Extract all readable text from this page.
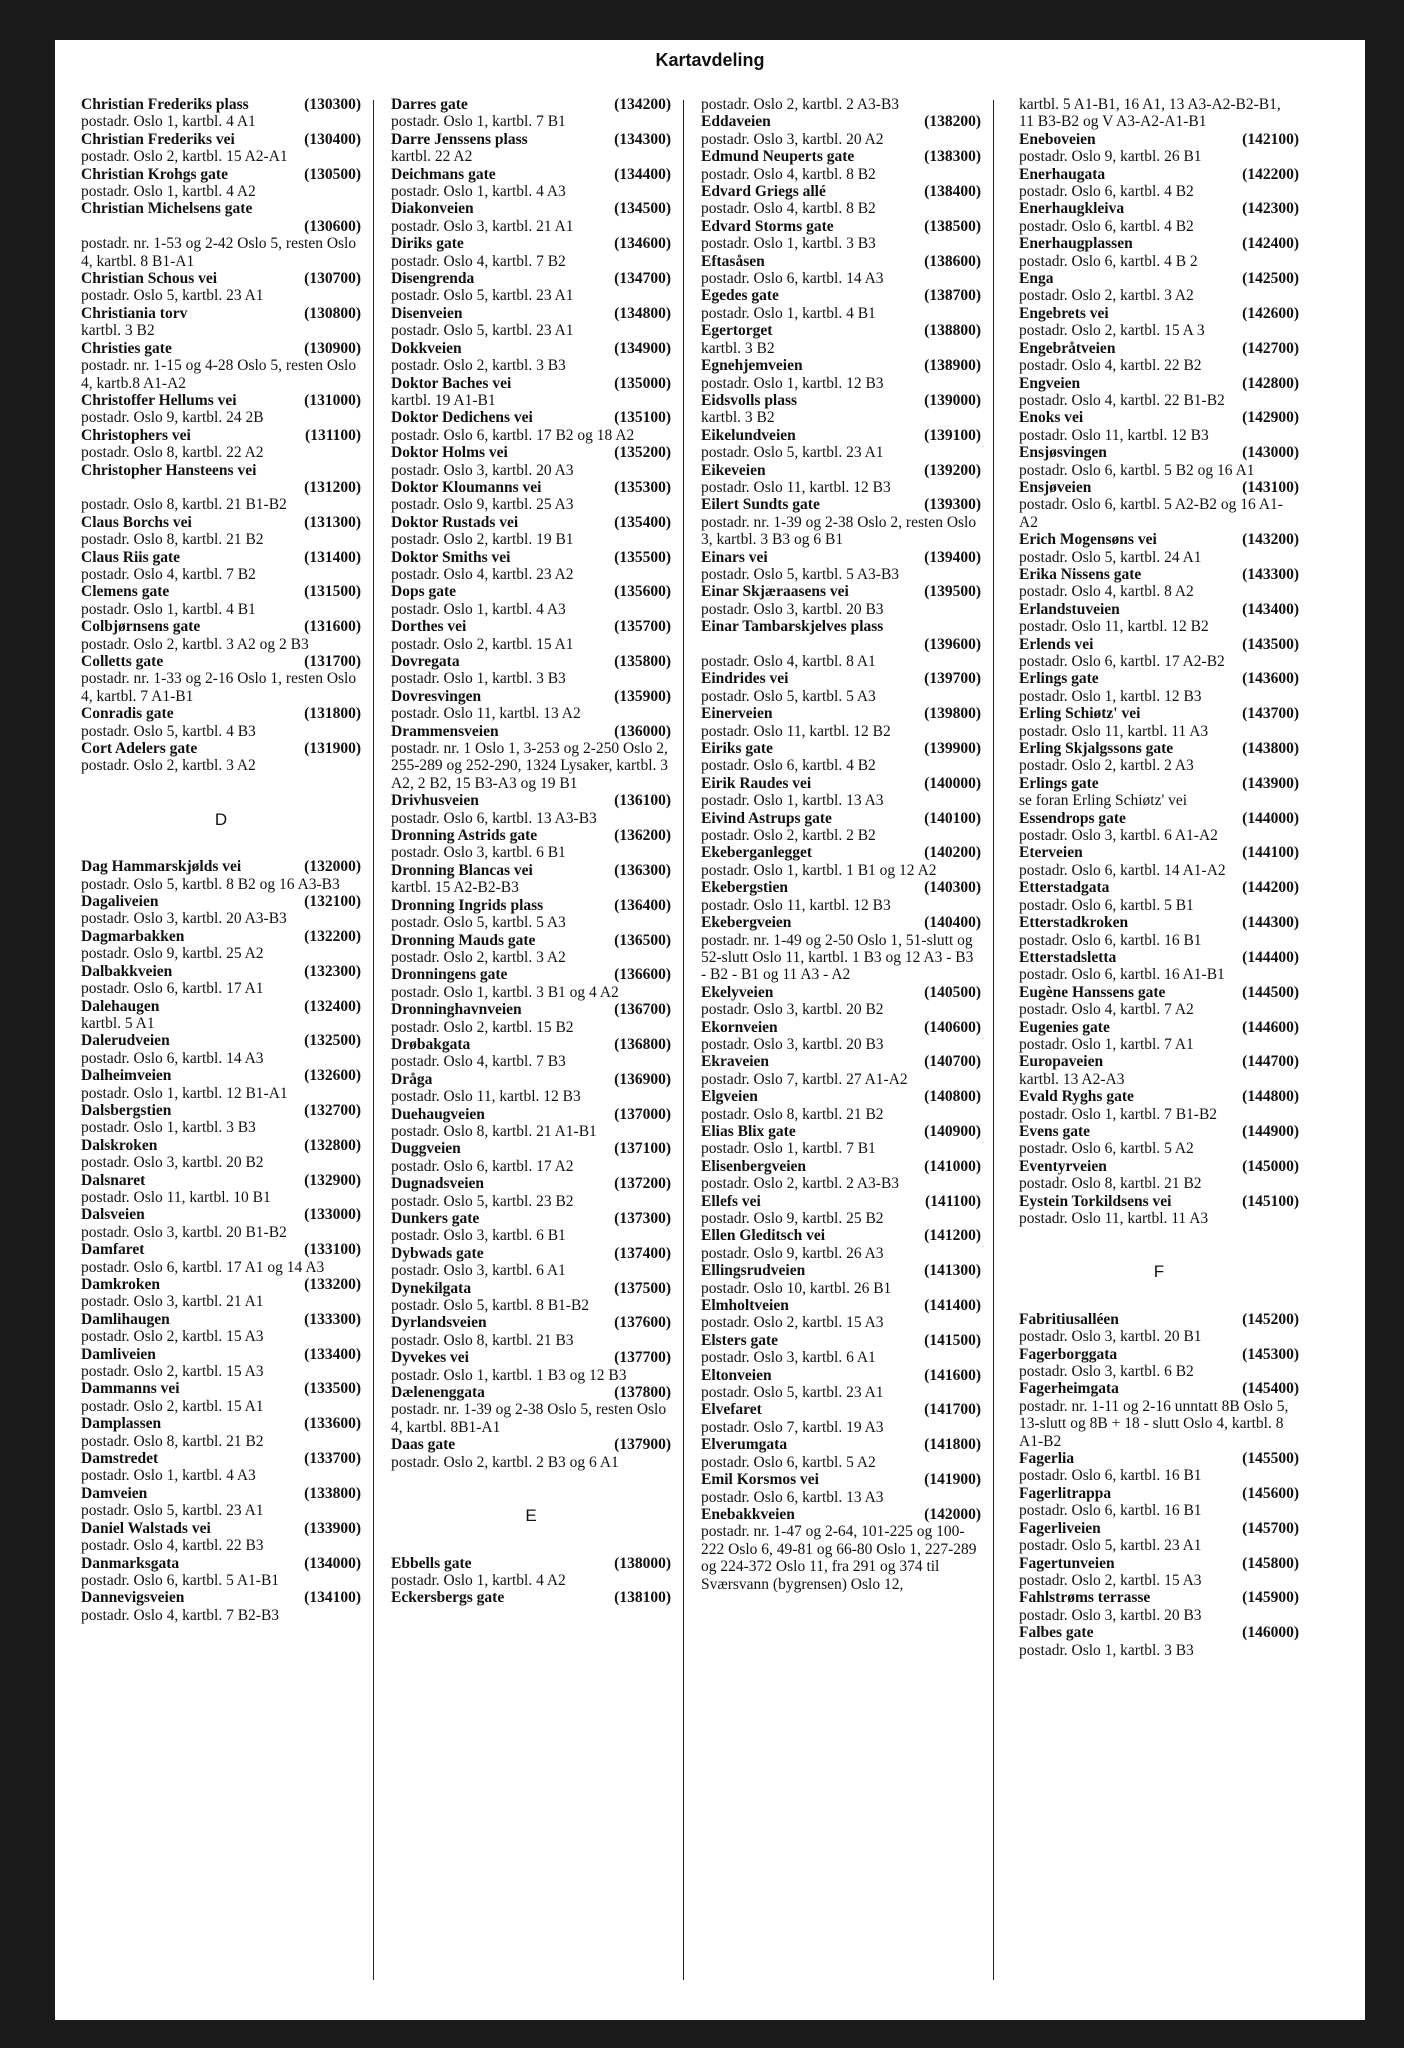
Kartavdeling
Christian Frederiks plass	(130300)
postadr. Oslo 1, kartbl. 4 A1
Christian Frederiks vei	(130400)
postadr. Oslo 2, kartbl. 15 A2-A1
Christian Krohgs gate	(130500)
postadr. Oslo 1, kartbl. 4 A2
Christian Michelsens gate
(130600)
postadr. nr. 1-53 og 2-42 Oslo 5, resten Oslo 4, kartbl. 8 B1-A1
Christian Schous vei	(130700)
postadr. Oslo 5, kartbl. 23 A1
Christiania torv	(130800)
kartbl. 3 B2
Christies gate	(130900)
postadr. nr. 1-15 og 4-28 Oslo 5, resten Oslo 4, kartb.8 A1-A2
Christoffer Hellums vei	(131000)
postadr. Oslo 9, kartbl. 24 2B
Christophers vei	(131100)
postadr. Oslo 8, kartbl. 22 A2
Christopher Hansteens vei
(131200)
postadr. Oslo 8, kartbl. 21 B1-B2
Claus Borchs vei	(131300)
postadr. Oslo 8, kartbl. 21 B2
Claus Riis gate	(131400)
postadr. Oslo 4, kartbl. 7 B2
Clemens gate	(131500)
postadr. Oslo 1, kartbl. 4 B1
Colbjørnsens gate	(131600)
postadr. Oslo 2, kartbl. 3 A2 og 2 B3
Colletts gate	(131700)
postadr. nr. 1-33 og 2-16 Oslo 1, resten Oslo 4, kartbl. 7 A1-B1
Conradis gate	(131800)
postadr. Oslo 5, kartbl. 4 B3
Cort Adelers gate	(131900)
postadr. Oslo 2, kartbl. 3 A2
D
Dag Hammarskjølds vei	(132000)
postadr. Oslo 5, kartbl. 8 B2 og 16 A3-B3
Dagaliveien	(132100)
postadr. Oslo 3, kartbl. 20 A3-B3
Dagmarbakken	(132200)
postadr. Oslo 9, kartbl. 25 A2
Dalbakkveien	(132300)
postadr. Oslo 6, kartbl. 17 A1
Dalehaugen	(132400)
kartbl. 5 A1
Dalerudveien	(132500)
postadr. Oslo 6, kartbl. 14 A3
Dalheimveien	(132600)
postadr. Oslo 1, kartbl. 12 B1-A1
Dalsbergstien	(132700)
postadr. Oslo 1, kartbl. 3 B3
Dalskroken	(132800)
postadr. Oslo 3, kartbl. 20 B2
Dalsnaret	(132900)
postadr. Oslo 11, kartbl. 10 B1
Dalsveien	(133000)
postadr. Oslo 3, kartbl. 20 B1-B2
Damfaret	(133100)
postadr. Oslo 6, kartbl. 17 A1 og 14 A3
Damkroken	(133200)
postadr. Oslo 3, kartbl. 21 A1
Damlihaugen	(133300)
postadr. Oslo 2, kartbl. 15 A3
Damliveien	(133400)
postadr. Oslo 2, kartbl. 15 A3
Dammanns vei	(133500)
postadr. Oslo 2, kartbl. 15 A1
Damplassen	(133600)
postadr. Oslo 8, kartbl. 21 B2
Damstredet	(133700)
postadr. Oslo 1, kartbl. 4 A3
Damveien	(133800)
postadr. Oslo 5, kartbl. 23 A1
Daniel Walstads vei	(133900)
postadr. Oslo 4, kartbl. 22 B3
Danmarksgata	(134000)
postadr. Oslo 6, kartbl. 5 A1-B1
Dannevigsveien	(134100)
postadr. Oslo 4, kartbl. 7 B2-B3
Darres gate	(134200)
postadr. Oslo 1, kartbl. 7 B1
Darre Jenssens plass	(134300)
kartbl. 22 A2
Deichmans gate	(134400)
postadr. Oslo 1, kartbl. 4 A3
Diakonveien	(134500)
postadr. Oslo 3, kartbl. 21 A1
Diriks gate	(134600)
postadr. Oslo 4, kartbl. 7 B2
Disengrenda	(134700)
postadr. Oslo 5, kartbl. 23 A1
Disenveien	(134800)
postadr. Oslo 5, kartbl. 23 A1
Dokkveien	(134900)
postadr. Oslo 2, kartbl. 3 B3
Doktor Baches vei	(135000)
kartbl. 19 A1-B1
Doktor Dedichens vei	(135100)
postadr. Oslo 6, kartbl. 17 B2 og 18 A2
Doktor Holms vei	(135200)
postadr. Oslo 3, kartbl. 20 A3
Doktor Kloumanns vei	(135300)
postadr. Oslo 9, kartbl. 25 A3
Doktor Rustads vei	(135400)
postadr. Oslo 2, kartbl. 19 B1
Doktor Smiths vei	(135500)
postadr. Oslo 4, kartbl. 23 A2
Dops gate	(135600)
postadr. Oslo 1, kartbl. 4 A3
Dorthes vei	(135700)
postadr. Oslo 2, kartbl. 15 A1
Dovregata	(135800)
postadr. Oslo 1, kartbl. 3 B3
Dovresvingen	(135900)
postadr. Oslo 11, kartbl. 13 A2
Drammensveien	(136000)
postadr. nr. 1 Oslo 1, 3-253 og 2-250 Oslo 2, 255-289 og 252-290, 1324 Lysaker, kartbl. 3 A2, 2 B2, 15 B3-A3 og 19 B1
Drivhusveien	(136100)
postadr. Oslo 6, kartbl. 13 A3-B3
Dronning Astrids gate	(136200)
postadr. Oslo 3, kartbl. 6 B1
Dronning Blancas vei	(136300)
kartbl. 15 A2-B2-B3
Dronning Ingrids plass	(136400)
postadr. Oslo 5, kartbl. 5 A3
Dronning Mauds gate	(136500)
postadr. Oslo 2, kartbl. 3 A2
Dronningens gate	(136600)
postadr. Oslo 1, kartbl. 3 B1 og 4 A2
Dronninghavnveien	(136700)
postadr. Oslo 2, kartbl. 15 B2
Drøbakgata	(136800)
postadr. Oslo 4, kartbl. 7 B3
Dråga	(136900)
postadr. Oslo 11, kartbl. 12 B3
Duehaugveien	(137000)
postadr. Oslo 8, kartbl. 21 A1-B1
Duggveien	(137100)
postadr. Oslo 6, kartbl. 17 A2
Dugnadsveien	(137200)
postadr. Oslo 5, kartbl. 23 B2
Dunkers gate	(137300)
postadr. Oslo 3, kartbl. 6 B1
Dybwads gate	(137400)
postadr. Oslo 3, kartbl. 6 A1
Dynekilgata	(137500)
postadr. Oslo 5, kartbl. 8 B1-B2
Dyrlandsveien	(137600)
postadr. Oslo 8, kartbl. 21 B3
Dyvekes vei	(137700)
postadr. Oslo 1, kartbl. 1 B3 og 12 B3
Dælenenggata	(137800)
postadr. nr. 1-39 og 2-38 Oslo 5, resten Oslo 4, kartbl. 8B1-A1
Daas gate	(137900)
postadr. Oslo 2, kartbl. 2 B3 og 6 A1
E
Ebbells gate	(138000)
postadr. Oslo 1, kartbl. 4 A2
Eckersbergs gate	(138100)
postadr. Oslo 2, kartbl. 2 A3-B3
Eddaveien	(138200)
postadr. Oslo 3, kartbl. 20 A2
Edmund Neuperts gate	(138300)
postadr. Oslo 4, kartbl. 8 B2
Edvard Griegs allé	(138400)
postadr. Oslo 4, kartbl. 8 B2
Edvard Storms gate	(138500)
postadr. Oslo 1, kartbl. 3 B3
Eftasåsen	(138600)
postadr. Oslo 6, kartbl. 14 A3
Egedes gate	(138700)
postadr. Oslo 1, kartbl. 4 B1
Egertorget	(138800)
kartbl. 3 B2
Egnehjemveien	(138900)
postadr. Oslo 1, kartbl. 12 B3
Eidsvolls plass	(139000)
kartbl. 3 B2
Eikelundveien	(139100)
postadr. Oslo 5, kartbl. 23 A1
Eikeveien	(139200)
postadr. Oslo 11, kartbl. 12 B3
Eilert Sundts gate	(139300)
postadr. nr. 1-39 og 2-38 Oslo 2, resten Oslo 3, kartbl. 3 B3 og 6 B1
Einars vei	(139400)
postadr. Oslo 5, kartbl. 5 A3-B3
Einar Skjæraasens vei	(139500)
postadr. Oslo 3, kartbl. 20 B3
Einar Tambarskjelves plass
(139600)
postadr. Oslo 4, kartbl. 8 A1
Eindrides vei	(139700)
postadr. Oslo 5, kartbl. 5 A3
Einerveien	(139800)
postadr. Oslo 11, kartbl. 12 B2
Eiriks gate	(139900)
postadr. Oslo 6, kartbl. 4 B2
Eirik Raudes vei	(140000)
postadr. Oslo 1, kartbl. 13 A3
Eivind Astrups gate	(140100)
postadr. Oslo 2, kartbl. 2 B2
Ekeberganlegget	(140200)
postadr. Oslo 1, kartbl. 1 B1 og 12 A2
Ekebergstien	(140300)
postadr. Oslo 11, kartbl. 12 B3
Ekebergveien	(140400)
postadr. nr. 1-49 og 2-50 Oslo 1, 51-slutt og 52-slutt Oslo 11, kartbl. 1 B3 og 12 A3 - B3 - B2 - B1 og 11 A3 - A2
Ekelyveien	(140500)
postadr. Oslo 3, kartbl. 20 B2
Ekornveien	(140600)
postadr. Oslo 3, kartbl. 20 B3
Ekraveien	(140700)
postadr. Oslo 7, kartbl. 27 A1-A2
Elgveien	(140800)
postadr. Oslo 8, kartbl. 21 B2
Elias Blix gate	(140900)
postadr. Oslo 1, kartbl. 7 B1
Elisenbergveien	(141000)
postadr. Oslo 2, kartbl. 2 A3-B3
Ellefs vei	(141100)
postadr. Oslo 9, kartbl. 25 B2
Ellen Gleditsch vei	(141200)
postadr. Oslo 9, kartbl. 26 A3
Ellingsrudveien	(141300)
postadr. Oslo 10, kartbl. 26 B1
Elmholtveien	(141400)
postadr. Oslo 2, kartbl. 15 A3
Elsters gate	(141500)
postadr. Oslo 3, kartbl. 6 A1
Eltonveien	(141600)
postadr. Oslo 5, kartbl. 23 A1
Elvefaret	(141700)
postadr. Oslo 7, kartbl. 19 A3
Elverumgata	(141800)
postadr. Oslo 6, kartbl. 5 A2
Emil Korsmos vei	(141900)
postadr. Oslo 6, kartbl. 13 A3
Enebakkveien	(142000)
postadr. nr. 1-47 og 2-64, 101-225 og 100-222 Oslo 6, 49-81 og 66-80 Oslo 1, 227-289 og 224-372 Oslo 11, fra 291 og 374 til Sværsvann (bygrensen) Oslo 12,
kartbl. 5 A1-B1, 16 A1, 13 A3-A2-B2-B1, 11 B3-B2 og V A3-A2-A1-B1
Eneboveien	(142100)
postadr. Oslo 9, kartbl. 26 B1
Enerhaugata	(142200)
postadr. Oslo 6, kartbl. 4 B2
Enerhaugkleiva	(142300)
postadr. Oslo 6, kartbl. 4 B2
Enerhaugplassen	(142400)
postadr. Oslo 6, kartbl. 4 B 2
Enga	(142500)
postadr. Oslo 2, kartbl. 3 A2
Engebrets vei	(142600)
postadr. Oslo 2, kartbl. 15 A 3
Engebråtveien	(142700)
postadr. Oslo 4, kartbl. 22 B2
Engveien	(142800)
postadr. Oslo 4, kartbl. 22 B1-B2
Enoks vei	(142900)
postadr. Oslo 11, kartbl. 12 B3
Ensjøsvingen	(143000)
postadr. Oslo 6, kartbl. 5 B2 og 16 A1
Ensjøveien	(143100)
postadr. Oslo 6, kartbl. 5 A2-B2 og 16 A1-A2
Erich Mogensøns vei	(143200)
postadr. Oslo 5, kartbl. 24 A1
Erika Nissens gate	(143300)
postadr. Oslo 4, kartbl. 8 A2
Erlandstuveien	(143400)
postadr. Oslo 11, kartbl. 12 B2
Erlends vei	(143500)
postadr. Oslo 6, kartbl. 17 A2-B2
Erlings gate	(143600)
postadr. Oslo 1, kartbl. 12 B3
Erling Schiøtz' vei	(143700)
postadr. Oslo 11, kartbl. 11 A3
Erling Skjalgssons gate	(143800)
postadr. Oslo 2, kartbl. 2 A3
Erlings gate	(143900)
se foran Erling Schiøtz' vei
Essendrops gate	(144000)
postadr. Oslo 3, kartbl. 6 A1-A2
Eterveien	(144100)
postadr. Oslo 6, kartbl. 14 A1-A2
Etterstadgata	(144200)
postadr. Oslo 6, kartbl. 5 B1
Etterstadkroken	(144300)
postadr. Oslo 6, kartbl. 16 B1
Etterstadsletta	(144400)
postadr. Oslo 6, kartbl. 16 A1-B1
Eugène Hanssens gate	(144500)
postadr. Oslo 4, kartbl. 7 A2
Eugenies gate	(144600)
postadr. Oslo 1, kartbl. 7 A1
Europaveien	(144700)
kartbl. 13 A2-A3
Evald Ryghs gate	(144800)
postadr. Oslo 1, kartbl. 7 B1-B2
Evens gate	(144900)
postadr. Oslo 6, kartbl. 5 A2
Eventyrveien	(145000)
postadr. Oslo 8, kartbl. 21 B2
Eystein Torkildsens vei	(145100)
postadr. Oslo 11, kartbl. 11 A3
F
Fabritiusalléen	(145200)
postadr. Oslo 3, kartbl. 20 B1
Fagerborggata	(145300)
postadr. Oslo 3, kartbl. 6 B2
Fagerheimgata	(145400)
postadr. nr. 1-11 og 2-16 unntatt 8B Oslo 5, 13-slutt og 8B + 18 - slutt Oslo 4, kartbl. 8 A1-B2
Fagerlia	(145500)
postadr. Oslo 6, kartbl. 16 B1
Fagerlitrappa	(145600)
postadr. Oslo 6, kartbl. 16 B1
Fagerliveien	(145700)
postadr. Oslo 5, kartbl. 23 A1
Fagertunveien	(145800)
postadr. Oslo 2, kartbl. 15 A3
Fahlstrøms terrasse	(145900)
postadr. Oslo 3, kartbl. 20 B3
Falbes gate	(146000)
postadr. Oslo 1, kartbl. 3 B3
